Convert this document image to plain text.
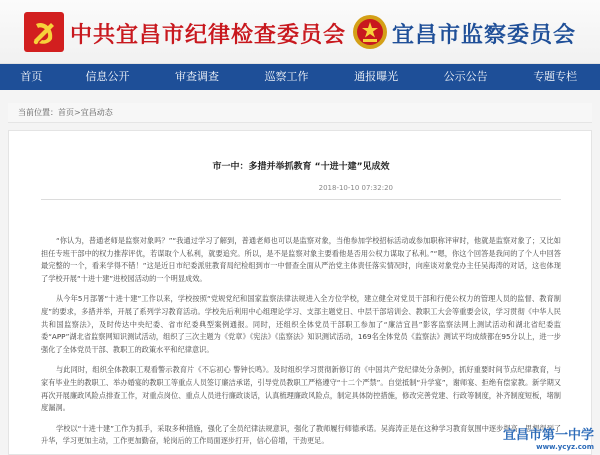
中共宜昌市纪律检查委员会 宜昌市监察委员会
首页	信息公开	审查调查	巡察工作	通报曝光	公示公告	专题专栏
当前位置：首页>宜昌动态
市一中：多措并举抓教育 “十进十建”见成效
2018-10-10 07:32:20

“你认为，普通老师是监察对象吗？”“我通过学习了解到，普通老师也可以是监察对象，当他参加学校招标活动或参加职称评审时，他就是监察对象了；又比如担任专班干部中的权力推荐评优，若谋取个人私利，就要追究。所以，是不是监察对象主要看他是否用公权力谋取了私利。”“嗯，你这个回答是我问的了个人中回答最完整的一个，看来学得不错！”这是近日市纪委派驻教育局纪检组到市一中督查全面从严治党主体责任落实情况时，向座谈对象党办主任吴海涛的对话，这也体现了学校开展“十进十建”进校园活动的一个明显成效。

从今年5月部署“十进十建”工作以来，学校按照“党规党纪和国家监察法律法规进入全方位学校，建立健全对党员干部和行使公权力的管理人员的监督、教育制度”的要求，多措并举，开展了系列学习教育活动。学校先后利用中心组理论学习、支部主题党日、中层干部培训会、教职工大会等重要会议，学习贯彻《中华人民共和国监察法》，及时传达中央纪委、省市纪委典型案例通报。同时，还组织全体党员干部职工参加了“廉洁宜昌”影客监察法网上测试活动和湖北省纪委监委“APP”湖北省监察网知识测试活动，组织了三次主题为《党章》《宪法》《监察法》知识测试活动，169名全体党员《监察法》测试平均成绩都在95分以上，进一步强化了全体党员干部、教职工的政策水平和纪律意识。

与此同时，组织全体教职工观看警示教育片《不忘初心 警钟长鸣》。及时组织学习贯彻新修订的《中国共产党纪律处分条例》，抓好重要时间节点纪律教育，与家有毕业生的教职工、举办婚宴的教职工等重点人员签订廉洁承诺，引导党员教职工严格遵守“十二个严禁”。自觉抵制“升学宴”，谢师宴、拒绝有偿家教。新学期又再次开展廉政风险点排查工作，对重点岗位、重点人员进行廉政谈话，认真梳理廉政风险点，制定具体防控措施，修改完善党建、行政等制度，补齐制度短板，堵制度漏洞。

学校以“十进十建”工作为抓手，采取多种措施，强化了全员纪律法规意识，强化了教师履行师德承诺。吴海涛正是在这种学习教育氛围中逐步提高，思想得到了升华，学习更加主动，工作更加勤奋，轮岗后的工作局面逐步打开，信心倍增，干劲更足。	宜昌市第一中学
www.ycyz.com
